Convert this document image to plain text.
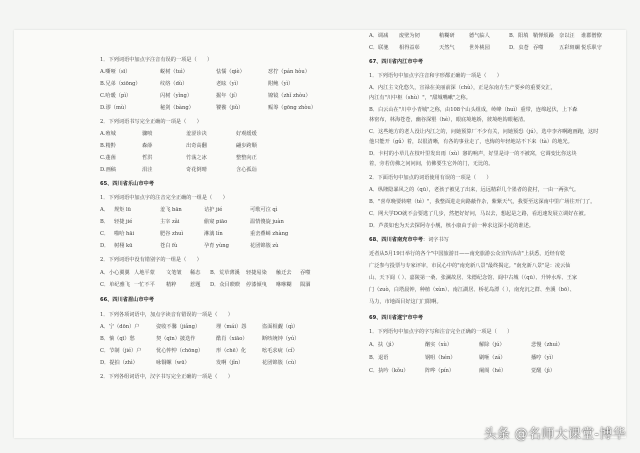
1．下列词语中加点字注音有误的一项是（　　）
A.嘶哑（sī）	蜕树（tuì）	怯懦（qiè）	怼拧（pán hòu）
B.兄弟（xiōng）	纹络（dù）	老眩（yì）	附鲍（yì）
C.哈暖（pì）	闪树（yǐng）	掘年（jí）	镣镜（zhǐ zhòu）
D.谬（mù）	秘剑（bàng）	饕餮（jiǔ）	赈筹（gōng zhòu）
2．下列词语书写完全正确的一项是（　　）
A.殖城	骤喷	羞涩诊决	好观缓缓
B.精黔	森薛	出奇高翻	翩步跨顺
C.蓬菌	哲洪	竹荡之冰	整整向正
D.画稿	涓洼	奇花倒晴	含心孤诣
65、四川省乐山市中考
1．下列词语中加点字的注音完全正确的一组是（　　）
A． 规矩 lü	羞飞 bān	诘护 jié	可歌可泣 qì
B． 轻捷 jié	主宰 zǎi	偷窥 piāo	温情傻旋 juàn
C． 啪哈 hāi	肥谷 zhuì	淋漓 lín	重峦叠嶂 zhàng
D． 树栩 kū	苍白 fù	孕育 yùng	花团锦簇 zù
2．下列词语中没有错别字的一组是（　　）
A．小心翼翼 人地平蒙 文笔皱 稀态 B．荒草薄溪 轻捷易染 触迁去 吞噬
C．单纪雅飞 一忙不平 精粹	惹题 D．众目睽睽 停漆倾曳 咻咻糊 陨涸
66、四川省眉山市中考
1．下列各项词语中，加点字读音有错误的一项是（　　）
A．宁（dōn）户	姿收不馨（jiǎng）	埋（mái）怨	盗面相觑（qì）
B．惝（qī）愁	契（qīn）披迭作	酷肖（xiāo）	断咳统钟（yú）
C．节制（jié）户	忧心忡忡（chōng） 形（chē）化	吆毛求疵（cǐ）
D．提拍（zhì）	咏铜螺（wū）	发啊（jǐn）	花团锦簇（cù）
2．下列各组词语中，汉字书写完全正确的一项是（　　）
A．调减 废壁为韧	稍糊研	德气临人	B．阳填 鞘惮烦躁 奈以汪 谁郡僧僚
C．联驰 相得益彰	天然气	世外桃园	D．虫苍 吞噬	五彩斑斓 悦乐职守
67、四川省内江市中考
1．下列语句中加点字注音和字形都正确的一项是（　　）
A．内江主文化悠久，宣禄在美丽前深（chù），正是东南方生产要乡的重要交汇，
内江有"川中枢（shù）"，"甜城嘴嗽"之称。
B．白云山在"川中小青城"之称，由108个山头组成，岭峰（huì）重带，连绵起伏，上下森
林密布，林海苍苍，幽谷深壑（hè），眼底境地娇，彼境绝钩眼秘清。
C．这些地方的老人没让内江之的，问她预算厂不少有关，问她预恐（jú），选中李齐啊跑画跑，这时
他只能开（gǔ）着，以很清晰，有各的事业走了，也悔的年轻地站不下来（tà）的地光。
D．卡村的小草儿在枝叶里发出雨（xù）窸的响声，好里是诗一的不被窝，它调变比你这块
着，旁若仿佛之问问间，仿佛要生它外的门，无比的。
2．下面语句中加点的词语使用有误的一项是（　　）
A．纵隆隐暴风之的（qū），老孩子被见了出来，远远精彩几个墨者的瓷村，一由一两弦气。
B．"喜草晚要转啦（té）"，我整面进走向路蔽作杂，紫紫天气，我要至这深南中里广场往开门了。
C．网大学DO就不会要逃了几步，然把好好问，马以去，想起是之路，看迅速发展立调好在被。
D．芦羡如也为天去探阿寺小舰，核小康由于前一种求这深小花的谁述。
68、四川省南充市中考：词字书写
近者从5月19日举行的各个"中国旅游日——南充旅游公众宣传活动"上获悉，近经有乾
广泛参与投票与专家评审，市民心中的"南充新八景"最终揭定。"南充新八景"是：凌云仙
山、天下阆（ ）、嘉陵第一桑、张澜故居、朱德纪念馆、阆中古城（（qū）、升钟水库、王家
门（zuò，白塔晨钟，种植（xùn）、南江湖居、桥花岛漂（ ），南充沉之群、坐溪（bō）、
马力，市地面目好这门门限啊。
69、四川省遂宁市中考
1．下列语句中加点字的字写和注音完全正确的一项是（　　）
A．扶（jì）	酗实（xù）	解除（jú）	悲慢（zhuì）
B．退语	钢咀（hén）	刷咂（zá）	播哼（yì）
C．执吟（kǒu）	阵哗（pín）	阑阁（hé）	觉醒（jì）
头条 @名师大课堂-博华
